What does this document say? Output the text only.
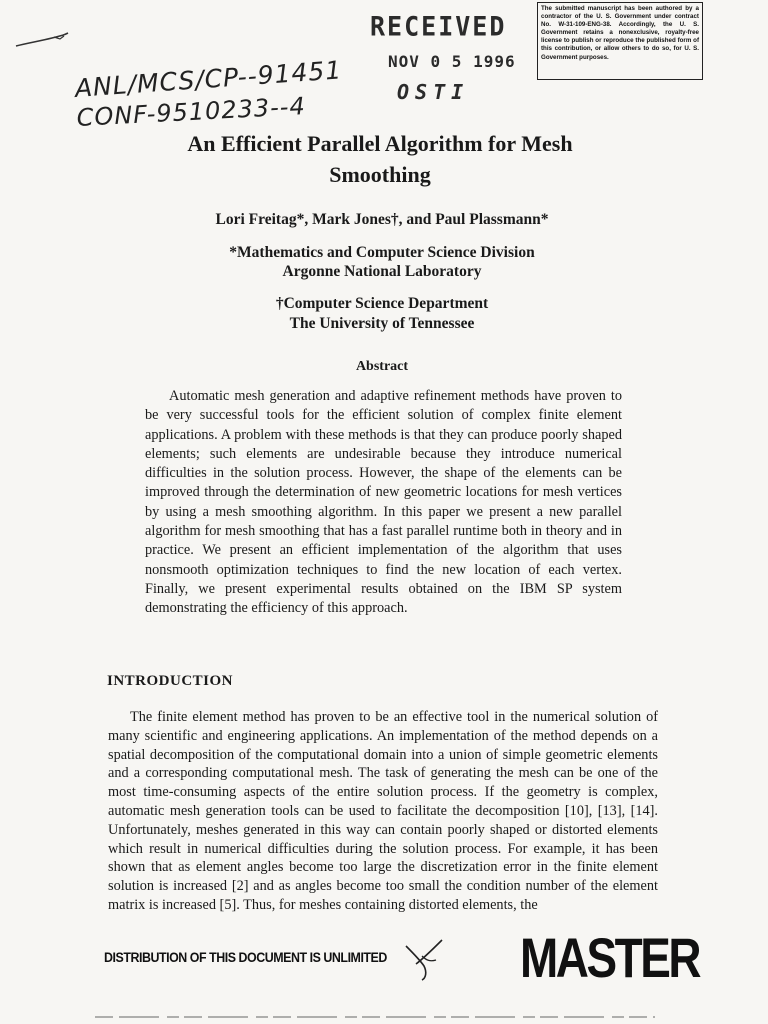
RECEIVED
NOV 0 5 1996
OSTI
The submitted manuscript has been authored by a contractor of the U. S. Government under contract No. W-31-109-ENG-38. Accordingly, the U. S. Government retains a nonexclusive, royalty-free license to publish or reproduce the published form of this contribution, or allow others to do so, for U. S. Government purposes.
ANL/MCS/CP--91451
CONF-9510233--4
An Efficient Parallel Algorithm for Mesh
Smoothing
Lori Freitag*, Mark Jones†, and Paul Plassmann*
*Mathematics and Computer Science Division
Argonne National Laboratory
†Computer Science Department
The University of Tennessee
Abstract
Automatic mesh generation and adaptive refinement methods have proven to be very successful tools for the efficient solution of complex finite element applications. A problem with these methods is that they can produce poorly shaped elements; such elements are undesirable because they introduce numerical difficulties in the solution process. However, the shape of the elements can be improved through the determination of new geometric locations for mesh vertices by using a mesh smoothing algorithm. In this paper we present a new parallel algorithm for mesh smoothing that has a fast parallel runtime both in theory and in practice. We present an efficient implementation of the algorithm that uses nonsmooth optimization techniques to find the new location of each vertex. Finally, we present experimental results obtained on the IBM SP system demonstrating the efficiency of this approach.
INTRODUCTION
The finite element method has proven to be an effective tool in the numerical solution of many scientific and engineering applications. An implementation of the method depends on a spatial decomposition of the computational domain into a union of simple geometric elements and a corresponding computational mesh. The task of generating the mesh can be one of the most time-consuming aspects of the entire solution process. If the geometry is complex, automatic mesh generation tools can be used to facilitate the decomposition [10], [13], [14]. Unfortunately, meshes generated in this way can contain poorly shaped or distorted elements which result in numerical difficulties during the solution process. For example, it has been shown that as element angles become too large the discretization error in the finite element solution is increased [2] and as angles become too small the condition number of the element matrix is increased [5]. Thus, for meshes containing distorted elements, the
DISTRIBUTION OF THIS DOCUMENT IS UNLIMITED MASTER
